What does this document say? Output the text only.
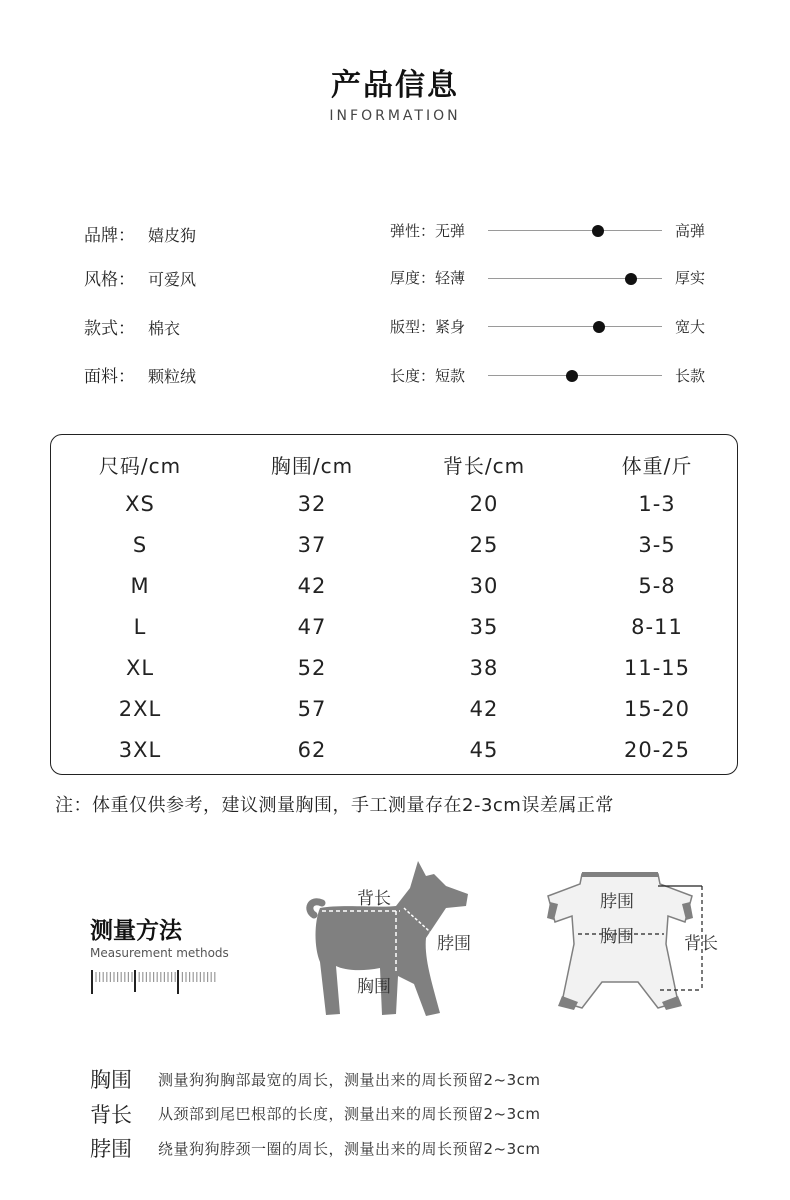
产品信息
INFORMATION
品牌： 嬉皮狗
风格： 可爱风
款式： 棉衣
面料： 颗粒绒
弹性：无弹	高弹
厚度：轻薄	厚实
版型：紧身	宽大
长度：短款	长款
尺码/cm	胸围/cm	背长/cm	体重/斤
XS	32	20	1-3
S	37	25	3-5
M	42	30	5-8
L	47	35	8-11
XL	52	38	11-15
2XL	57	42	15-20
3XL	62	45	20-25
注：体重仅供参考，建议测量胸围，手工测量存在2-3cm误差属正常
测量方法
Measurement methods
背长
脖围
胸围
脖围
胸围	背长
胸围 测量狗狗胸部最宽的周长，测量出来的周长预留2~3cm
背长 从颈部到尾巴根部的长度，测量出来的周长预留2~3cm
脖围 绕量狗狗脖颈一圈的周长，测量出来的周长预留2~3cm
